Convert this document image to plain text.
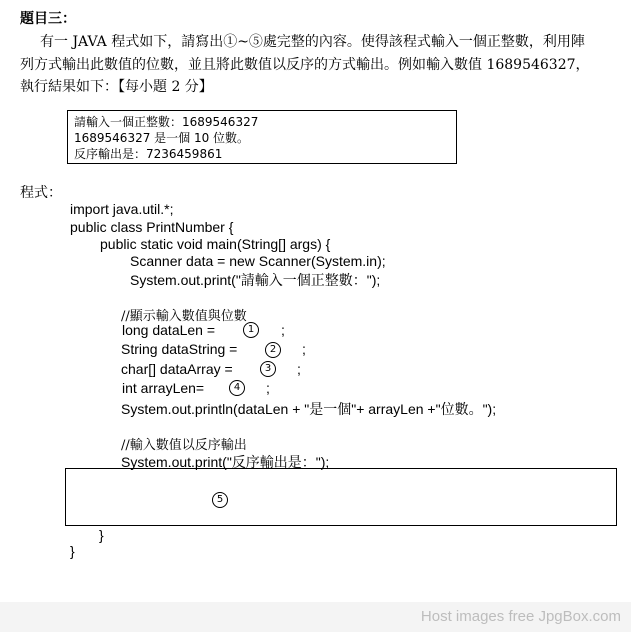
題目三：
有一 JAVA 程式如下，請寫出①~⑤處完整的內容。使得該程式輸入一個正整數，利用陣
列方式輸出此數值的位數，並且將此數值以反序的方式輸出。例如輸入數值 1689546327，
執行結果如下：【每小題 2 分】
請輸入一個正整數：1689546327
1689546327 是一個 10 位數。
反序輸出是：7236459861
程式：
import java.util.*;
public class PrintNumber {
public static void main(String[] args) {
Scanner data = new Scanner(System.in);
System.out.print("請輸入一個正整數：");
//顯示輸入數值與位數
long dataLen =	1	;
String dataString =	2	;
char[] dataArray =	3	;
int arrayLen=	4	;
System.out.println(dataLen + "是一個"+ arrayLen +"位數。");
//輸入數值以反序輸出
System.out.print("反序輸出是：");
5
}
}
Host images free JpgBox.com
